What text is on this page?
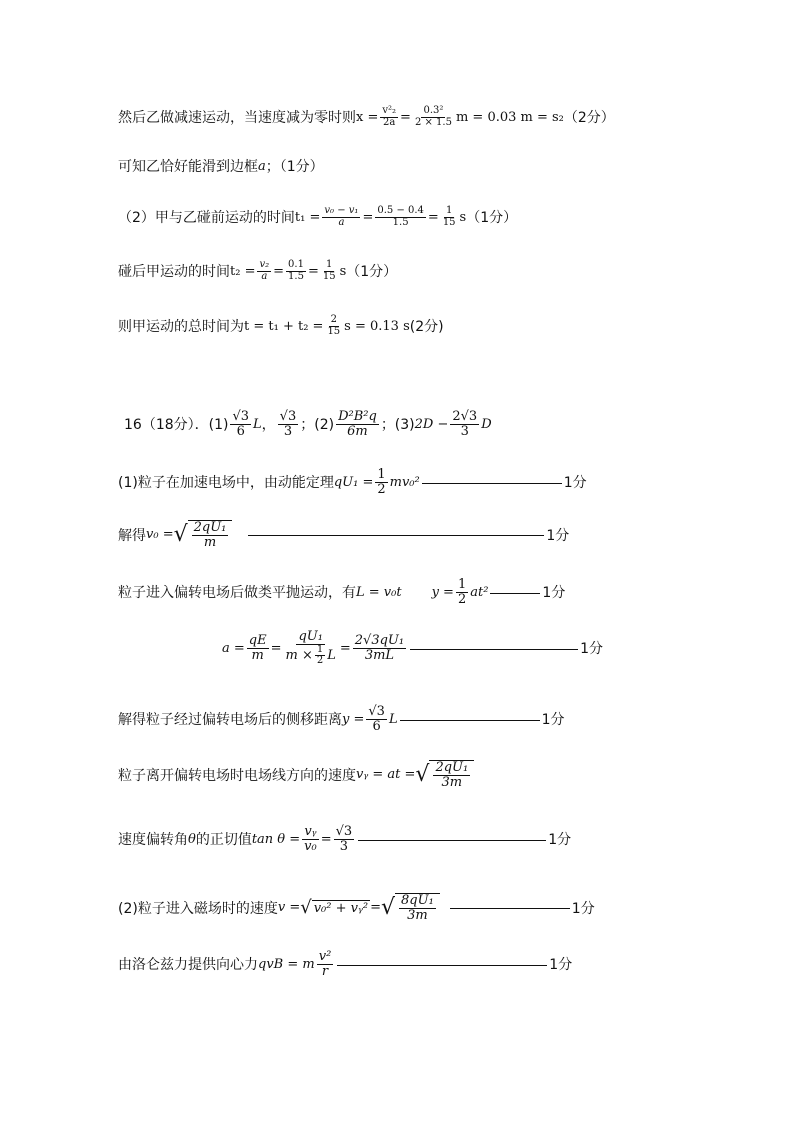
然后乙做减速运动，当速度减为零时则 $x = \frac{\text{v²₂}}{2a} = \frac{\text{0.3²}}{2 \times 1.5}$ m = 0.03 m = s₂ （2分）
可知乙恰好能滑到边框 a ；（1分）
（2）甲与乙碰前运动的时间 $t_1 = \frac{\text{v₀ − v₁}}{a} = \frac{0.5 - 0.4}{1.5} = \frac{1}{15}$ s （1分）
碰后甲运动的时间 $t_2 = \frac{\text{v₂}}{a} = \frac{0.1}{1.5} = \frac{1}{15}$ s （1分）
则甲运动的总时间为 $t = t_1 + t_2 = \frac{2}{15}$ s = 0.13 s (2分)
16（18分）．$(1) \frac{√3}{6}$ L ， $\frac{√3}{3}$ ；$(2) \frac{\text{D²B²q}}{6m}$ ；(3) $2D - \frac{2√3}{3}$ D
(1)粒子在加速电场中，由动能定理 $qU_1 = \frac{1}{2} mv_0^2$	1分
解得 v₀ = √ $\frac{\text{2qU₁}}{m}$	1分
粒子进入偏转电场后做类平抛运动，有 L = v₀t $y = \frac{1}{2} at^2$	1分
$a = \frac{qE}{m} = \frac{\text{qU₁}}{m \times \frac{1}{2} L} = \frac{\text{2√3qU₁}}{3mL}$	1分
解得粒子经过偏转电场后的侧移距离 $y = \frac{√3}{6}$ L	1分
粒子离开偏转电场时电场线方向的速度 vᵧ = at = √ $\frac{\text{2qU₁}}{3m}$
速度偏转角 θ 的正切值 $\tan \theta = \frac{\text{vᵧ}}{\text{v₀}} = \frac{√3}{3}$	1分
(2)粒子进入磁场时的速度 v = √ v₀² + vᵧ² = √ $\frac{\text{8qU₁}}{3m}$	1分
由洛仑兹力提供向心力 qvB = m $\frac{\text{v²}}{r}$	1分
